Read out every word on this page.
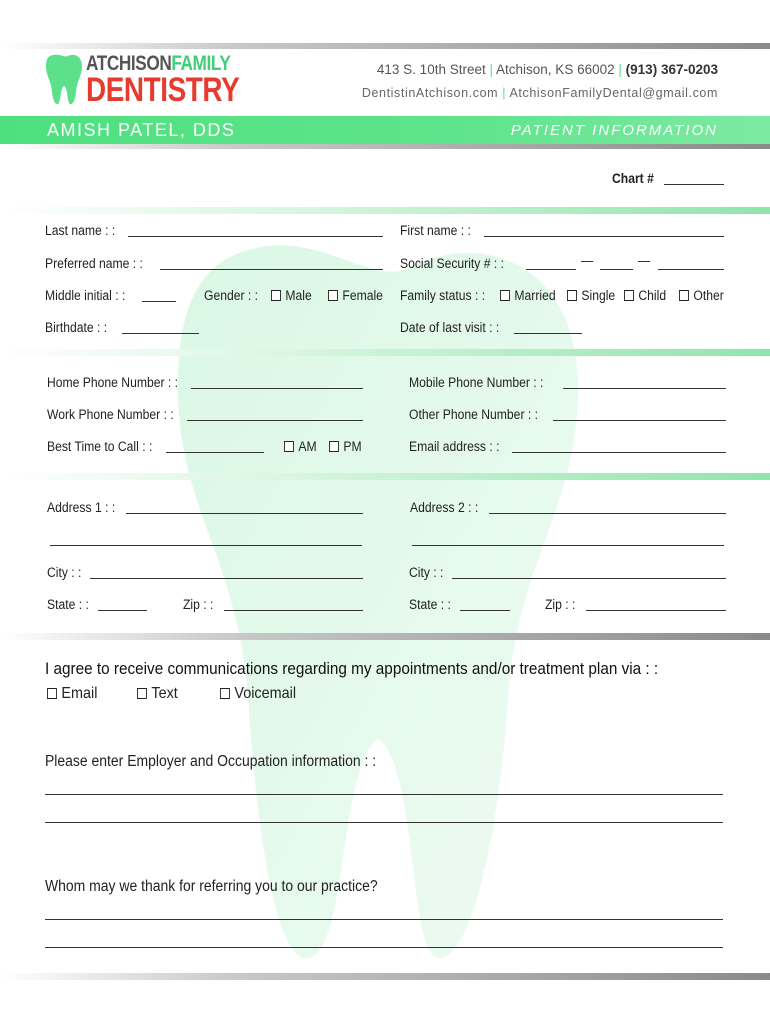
ATCHISONFAMILY
DENTISTRY
413 S. 10th Street | Atchison, KS 66002 | (913) 367-0203
DentistinAtchison.com | AtchisonFamilyDental@gmail.com
AMISH PATEL, DDS	PATIENT INFORMATION
Chart #
Last name : :	First name : :
Preferred name : :	Social Security # : :	—	—
Middle initial : :	Gender : :	Male	Female Family status : :	Married	Single	Child	Other
Birthdate : :	Date of last visit : :
Home Phone Number : :	Mobile Phone Number : :
Work Phone Number : :	Other Phone Number : :
Best Time to Call : :	AM	PM	Email address : :
Address 1 : :	Address 2 : :
City : :	City : :
State : :	Zip : :	State : :	Zip : :
I agree to receive communications regarding my appointments and/or treatment plan via : :
Email	Text	Voicemail
Please enter Employer and Occupation information : :
Whom may we thank for referring you to our practice?
